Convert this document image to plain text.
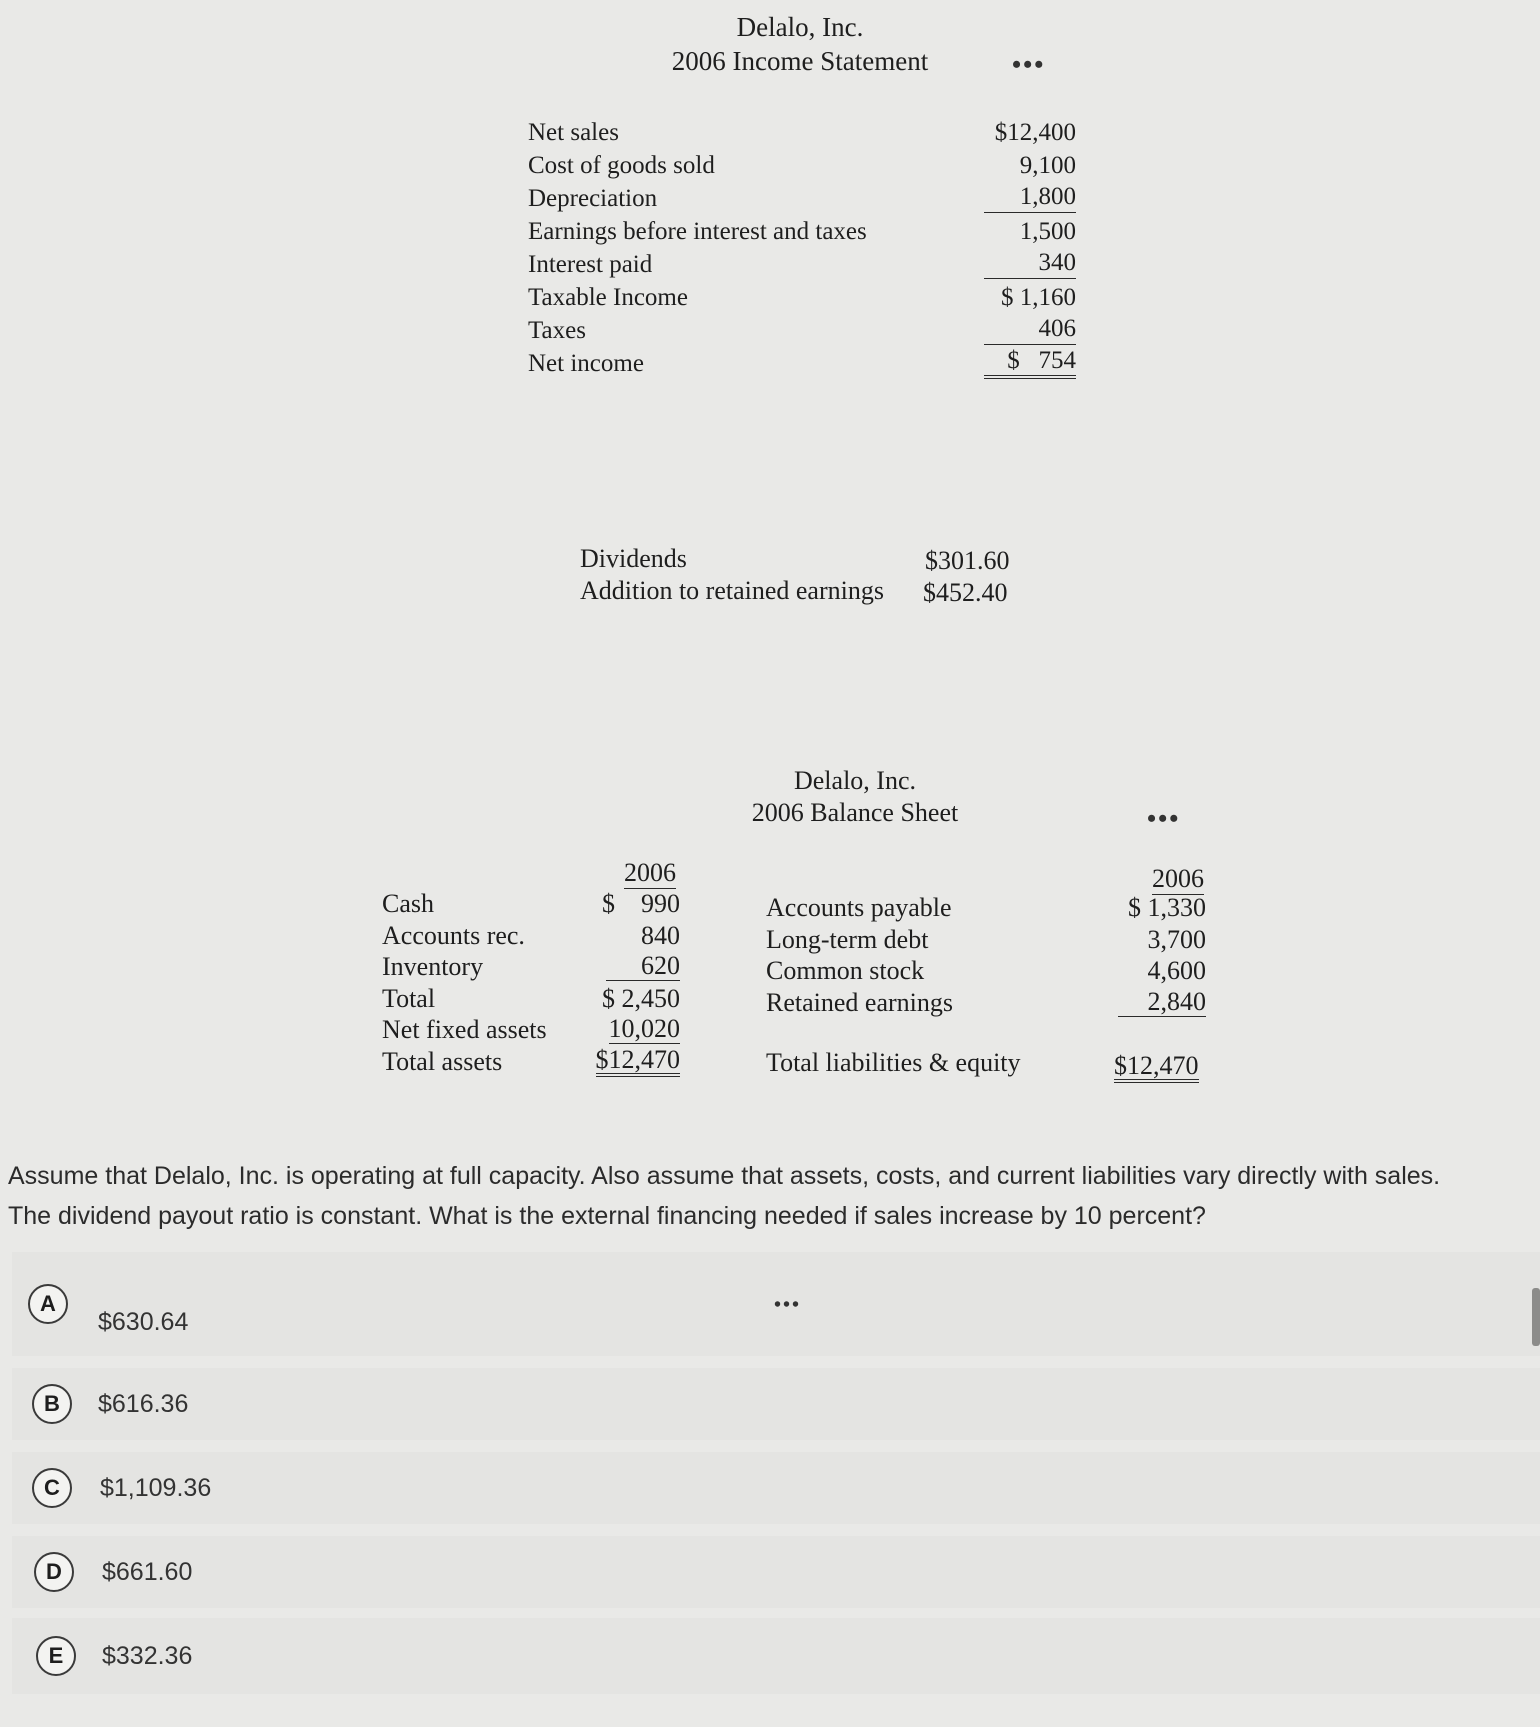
Delalo, Inc.
2006 Income Statement	•••
Net sales	$12,400
Cost of goods sold	9,100
Depreciation	1,800
Earnings before interest and taxes	1,500
Interest paid	340
Taxable Income	$ 1,160
Taxes	406
Net income	$   754
Dividends	$301.60
Addition to retained earnings $452.40
Delalo, Inc.
2006 Balance Sheet	•••
2006
Cash	$    990
Accounts rec.	840
Inventory	620
Total	$ 2,450
Net fixed assets 10,020
Total assets	$12,470
2006
Accounts payable	$ 1,330
Long-term debt	3,700
Common stock	4,600
Retained earnings	2,840
Total liabilities & equity	$12,470
Assume that Delalo, Inc. is operating at full capacity. Also assume that assets, costs, and current liabilities vary directly with sales.
The dividend payout ratio is constant. What is the external financing needed if sales increase by 10 percent?
A
$630.64
•••
B	$616.36
C	$1,109.36
D	$661.60
E	$332.36
